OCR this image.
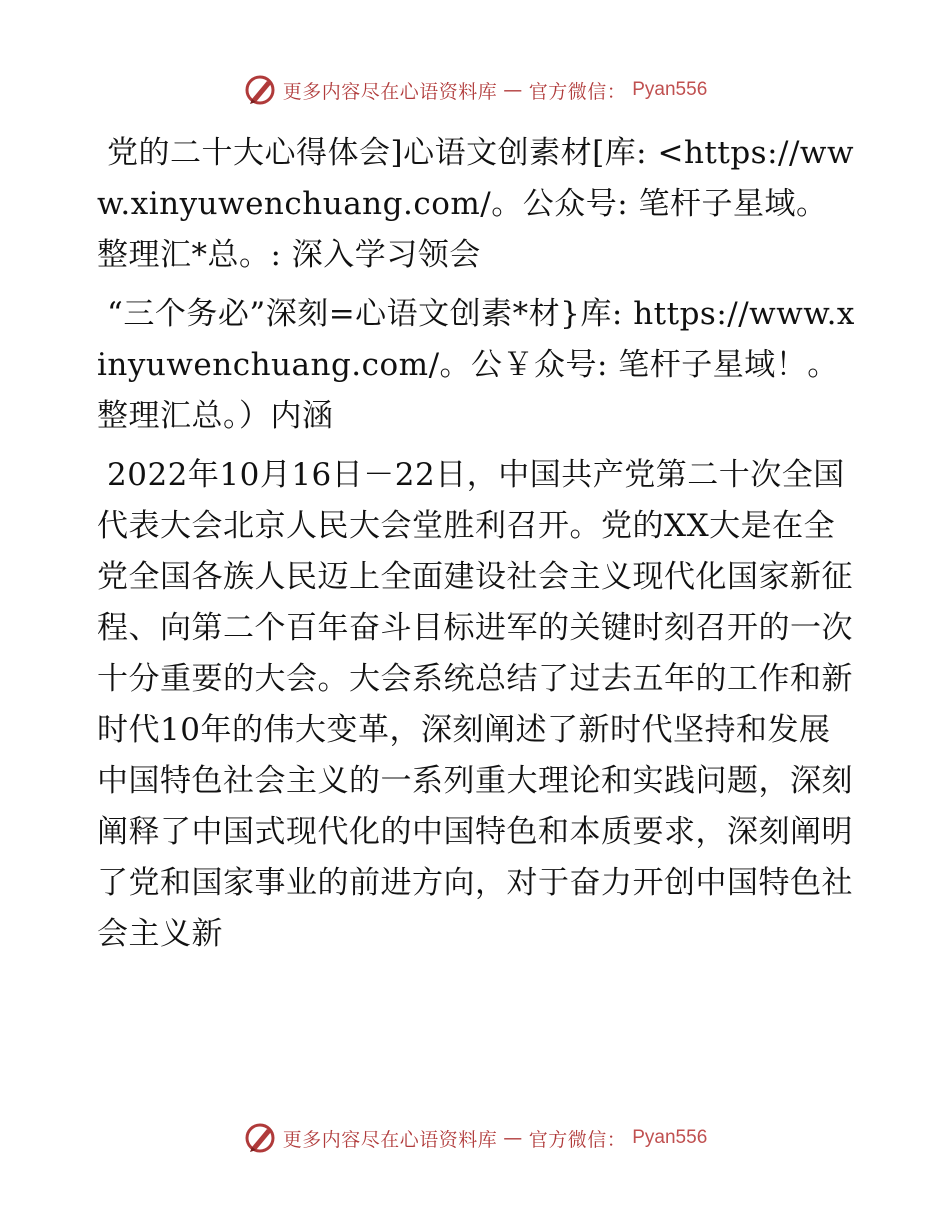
更多内容尽在心语资料库 — 官方微信： Pyan556

党的二十大心得体会]心语文创素材[库: <https://www.xinyuwenchuang.com/。公众号: 笔杆子星域。整理汇*总。: 深入学习领会

“三个务必”深刻=心语文创素*材}库: https://www.xinyuwenchuang.com/。公￥众号: 笔杆子星域！。整理汇总。）内涵

2022年10月16日－22日，中国共产党第二十次全国代表大会北京人民大会堂胜利召开。党的XX大是在全党全国各族人民迈上全面建设社会主义现代化国家新征程、向第二个百年奋斗目标进军的关键时刻召开的一次十分重要的大会。大会系统总结了过去五年的工作和新时代10年的伟大变革，深刻阐述了新时代坚持和发展中国特色社会主义的一系列重大理论和实践问题，深刻阐释了中国式现代化的中国特色和本质要求，深刻阐明了党和国家事业的前进方向，对于奋力开创中国特色社会主义新

更多内容尽在心语资料库 — 官方微信： Pyan556
